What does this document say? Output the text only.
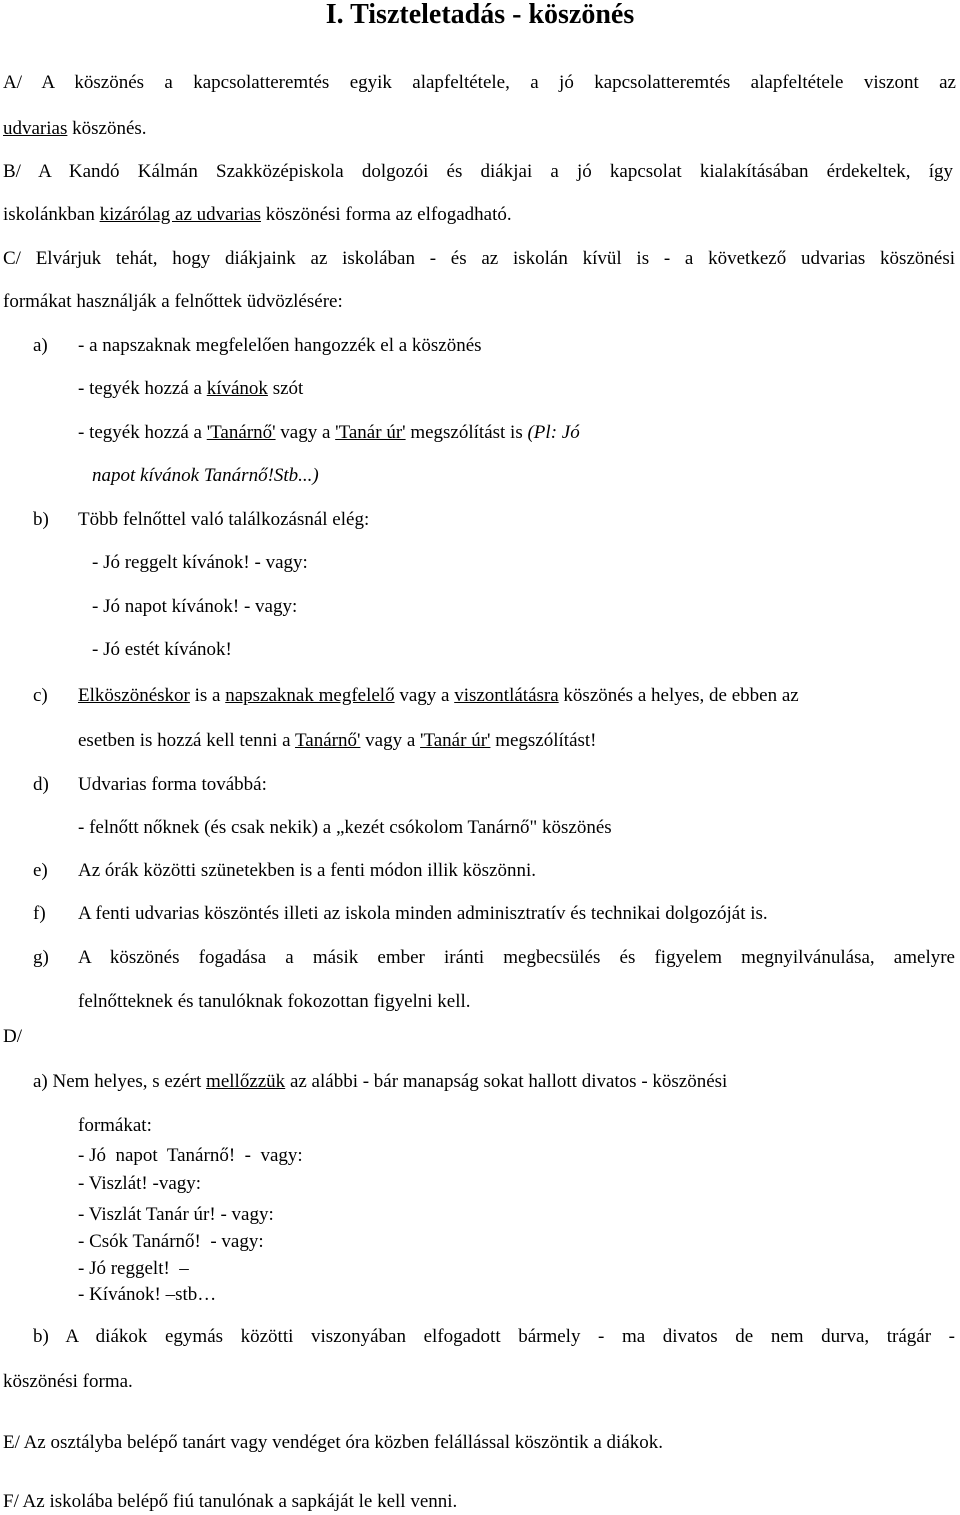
I. Tiszteletadás - köszönés
A/ A köszönés a kapcsolatteremtés egyik alapfeltétele, a jó kapcsolatteremtés alapfeltétele viszont az
udvarias köszönés.
B/ A Kandó Kálmán Szakközépiskola dolgozói és diákjai a jó kapcsolat kialakításában érdekeltek, így
iskolánkban kizárólag az udvarias köszönési forma az elfogadható.
C/ Elvárjuk tehát, hogy diákjaink az iskolában - és az iskolán kívül is - a következő udvarias köszönési
formákat használják a felnőttek üdvözlésére:
a) - a napszaknak megfelelően hangozzék el a köszönés
- tegyék hozzá a kívánok szót
- tegyék hozzá a 'Tanárnő' vagy a 'Tanár úr' megszólítást is (Pl: Jó
napot kívánok Tanárnő!Stb...)
b) Több felnőttel való találkozásnál elég:
- Jó reggelt kívánok! - vagy:
- Jó napot kívánok! - vagy:
- Jó estét kívánok!
c) Elköszönéskor is a napszaknak megfelelő vagy a viszontlátásra köszönés a helyes, de ebben az
esetben is hozzá kell tenni a Tanárnő' vagy a 'Tanár úr' megszólítást!
d) Udvarias forma továbbá:
- felnőtt nőknek (és csak nekik) a „kezét csókolom Tanárnő" köszönés
e) Az órák közötti szünetekben is a fenti módon illik köszönni.
f) A fenti udvarias köszöntés illeti az iskola minden adminisztratív és technikai dolgozóját is.
g) A köszönés fogadása a másik ember iránti megbecsülés és figyelem megnyilvánulása, amelyre
felnőtteknek és tanulóknak fokozottan figyelni kell.
D/
a) Nem helyes, s ezért mellőzzük az alábbi - bár manapság sokat hallott divatos - köszönési
formákat:
- Jó  napot  Tanárnő!  -  vagy:
- Viszlát! -vagy:
- Viszlát Tanár úr! - vagy:
- Csók Tanárnő!  - vagy:
- Jó reggelt!  –
- Kívánok! –stb…
b) A diákok egymás közötti viszonyában elfogadott bármely - ma divatos de nem durva, trágár -
köszönési forma.
E/ Az osztályba belépő tanárt vagy vendéget óra közben felállással köszöntik a diákok.
F/ Az iskolába belépő fiú tanulónak a sapkáját le kell venni.
